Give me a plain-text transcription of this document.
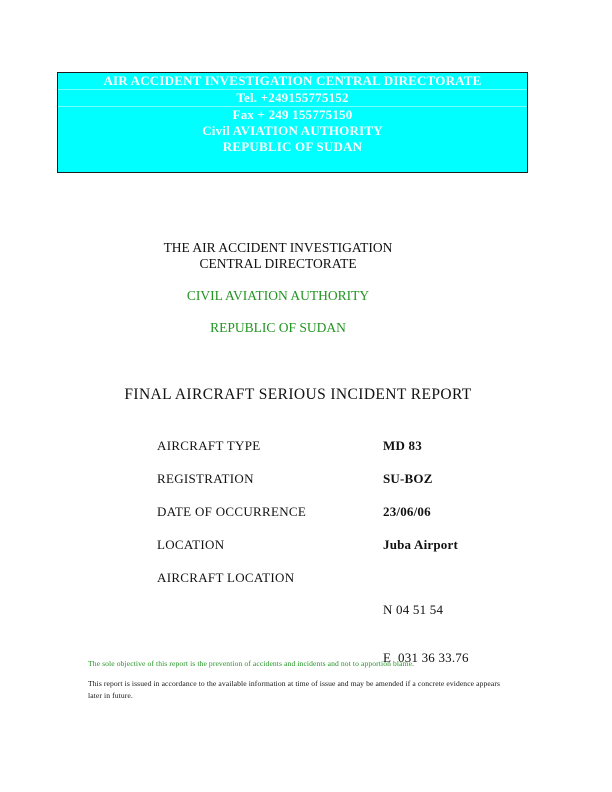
AIR ACCIDENT INVESTIGATION CENTRAL DIRECTORATE
Tel. +249155775152
Fax + 249 155775150
Civil AVIATION AUTHORITY
REPUBLIC OF SUDAN
THE AIR ACCIDENT INVESTIGATION
CENTRAL DIRECTORATE
CIVIL AVIATION AUTHORITY
REPUBLIC OF SUDAN
FINAL AIRCRAFT SERIOUS INCIDENT REPORT
AIRCRAFT TYPE	MD 83
REGISTRATION	SU-BOZ
DATE OF OCCURRENCE	23/06/06
LOCATION	Juba Airport
AIRCRAFT LOCATION

N 04 51 54

E  031 36 33.76

The sole objective of this report is the prevention of accidents and incidents and not to apportion blame.
This report is issued in accordance to the available information at time of issue and may be amended if a concrete evidence appears
later in future.
